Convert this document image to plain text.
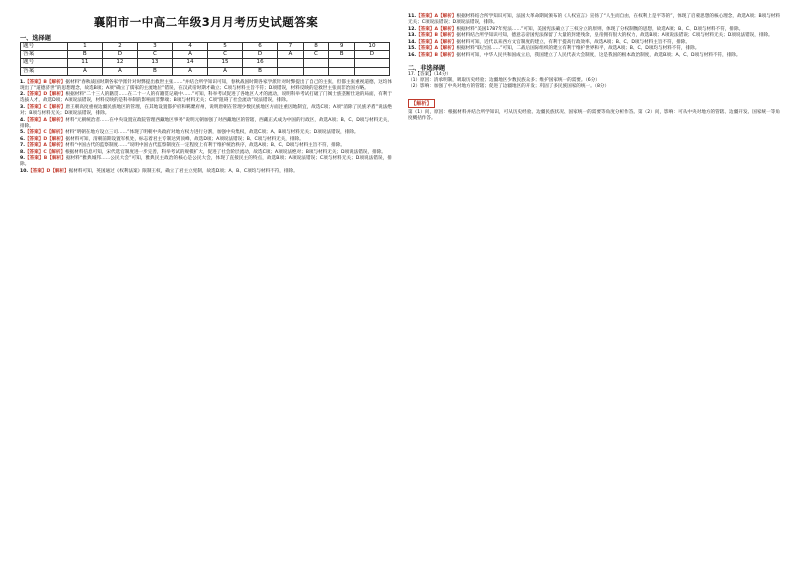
襄阳市一中高二年级3月月考历史试题答案

一、选择题

题号	1	2	3	4	5	6	7	8	9	10
答案	B	D	C	A	C	D	A	C	B	D
题号	11	12	13	14	15	16				
答案	A	A	B	A	A	B				

1.【答案】B【解析】据材料"春秋战国时期各家学派针对时弊提出救世主张……"并结合所学知识可知，春秋战国时期各家学派针对时弊提出了自己的主张，但都主张重视道德，这均体现出了“道德济世”的思想理念，故选B项；A项“确立了儒家的主流地位”错误，在汉武帝时期才确立；C项与材料主旨不符；D项错误，材料反映的是救世主张而非治国方略。

2.【答案】D【解析】根据材料“二十三人的籍贯……在二十一人的有籍贯记载中……”可知，科举考试促进了各地区人才的流动，说明科举考试打破了门阀士族垄断仕途的局面，有利于选拔人才，故选D项；A项说法错误，材料反映的是科举制的影响而非弊端；B项与材料无关；C项“阻碍了社会流动”说法错误，排除。

3.【答案】C【解析】唐王朝高度重视边疆民族地区的管理，在其地设置都护府和羁縻府州，说明唐朝在管理少数民族地区方面注重因地制宜，故选C项；A项“消除了民族矛盾”说法绝对；B项与材料无关；D项说法错误，排除。

4.【答案】A【解析】材料“元朝统治者……在中央设置宣政院管理西藏地区事务”说明元朝加强了对西藏地区的管辖，西藏正式成为中国的行政区，故选A项；B、C、D项与材料无关，排除。

5.【答案】C【解析】材料“明朝在地方设立三司……”体现了明朝中央政府对地方权力进行分割，加强中央集权，故选C项；A、B项与材料无关；D项说法错误，排除。

6.【答案】D【解析】据材料可知，清朝前期设置军机处，标志着君主专制达到顶峰，故选D项；A项说法错误；B、C项与材料无关，排除。

7.【答案】A【解析】材料“中国古代的监察制度……”说明中国古代监察制度在一定程度上有利于维护统治秩序，故选A项；B、C、D项与材料主旨不符，排除。

8.【答案】C【解析】根据材料信息可知，宋代选官制度进一步完善，科举考试的规模扩大，促进了社会阶层流动，故选C项；A项说法绝对；B项与材料无关；D项说法错误，排除。

9.【答案】B【解析】据材料“雅典城邦……公民大会”可知，雅典民主政治的核心是公民大会，体现了直接民主的特点，故选B项；A项说法错误；C项与材料无关；D项说法错误，排除。

10.【答案】D【解析】据材料可知，英国通过《权利法案》限制王权，确立了君主立宪制，故选D项；A、B、C项均与材料不符，排除。

11.【答案】A【解析】根据材料结合所学知识可知，法国大革命期间颁布的《人权宣言》宣扬了“人生而自由，在权利上是平等的”，体现了启蒙思想的核心理念，故选A项；B项与材料无关；C项说法错误；D项说法错误，排除。

12.【答案】A【解析】根据材料“美国1787年宪法……”可知，美国宪法确立了三权分立的原则，体现了分权制衡的思想，故选A项；B、C、D项与材料不符，排除。

13.【答案】B【解析】据材料结合所学知识可知，德意志帝国宪法保留了大量的封建残余，皇帝拥有很大的权力，故选B项；A项说法错误；C项与材料无关；D项说法错误，排除。

14.【答案】A【解析】据材料可知，近代以来西方文官制度的建立，有利于提高行政效率，故选A项；B、C、D项与材料主旨不符，排除。

15.【答案】A【解析】根据材料“联合国……”可知，二战后国际组织的建立有利于维护世界和平，故选A项；B、C、D项均与材料不符，排除。

16.【答案】B【解析】据材料可知，中华人民共和国成立后，我国建立了人民代表大会制度，这是我国的根本政治制度，故选B项；A、C、D项与材料不符，排除。

二、非选择题

17.【答案】（14分）

（1）原因：清承明制，吸取历史经验；边疆地区少数民族众多；维护国家统一的需要。（6分）

（2）影响：加强了中央对地方的管辖；促进了边疆地区的开发；巩固了多民族国家的统一。（8分）

【解析】

第（1）问，原因：根据材料并结合所学知识，可从历史经验、边疆民族状况、国家统一的需要等角度分析作答。第（2）问，影响：可从中央对地方的管辖、边疆开发、国家统一等角度概括作答。
